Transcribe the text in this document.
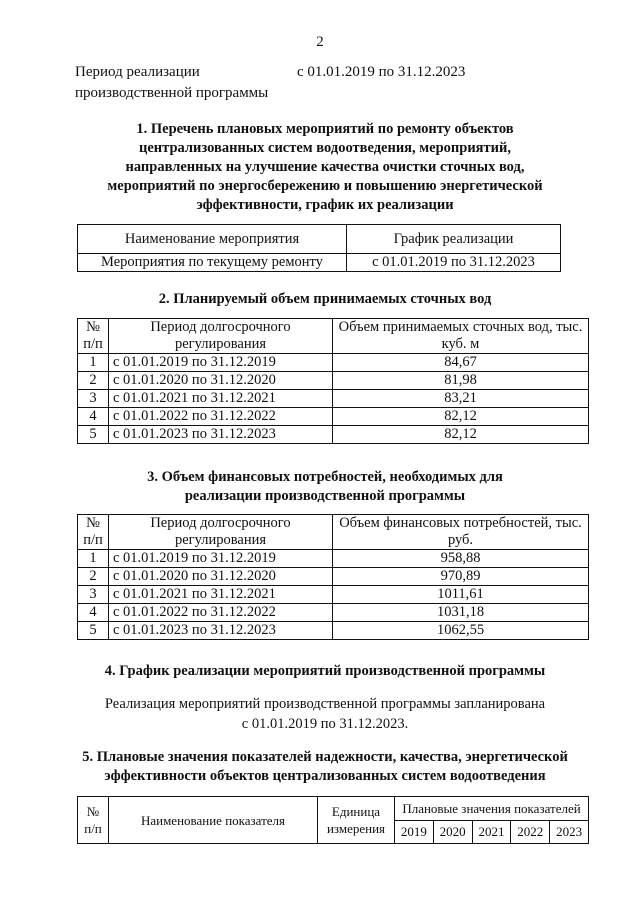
2
Период реализации
производственной программы
с 01.01.2019 по 31.12.2023
1. Перечень плановых мероприятий по ремонту объектов
централизованных систем водоотведения, мероприятий,
направленных на улучшение качества очистки сточных вод,
мероприятий по энергосбережению и повышению энергетической
эффективности, график их реализации
Наименование мероприятия	График реализации
Мероприятия по текущему ремонту	с 01.01.2019 по 31.12.2023
2. Планируемый объем принимаемых сточных вод
№ п/п	Период долгосрочного регулирования	Объем принимаемых сточных вод, тыс. куб. м
1	с 01.01.2019 по 31.12.2019	84,67
2	с 01.01.2020 по 31.12.2020	81,98
3	с 01.01.2021 по 31.12.2021	83,21
4	с 01.01.2022 по 31.12.2022	82,12
5	с 01.01.2023 по 31.12.2023	82,12
3. Объем финансовых потребностей, необходимых для
реализации производственной программы
№ п/п	Период долгосрочного регулирования	Объем финансовых потребностей, тыс. руб.
1	с 01.01.2019 по 31.12.2019	958,88
2	с 01.01.2020 по 31.12.2020	970,89
3	с 01.01.2021 по 31.12.2021	1011,61
4	с 01.01.2022 по 31.12.2022	1031,18
5	с 01.01.2023 по 31.12.2023	1062,55
4. График реализации мероприятий производственной программы
Реализация мероприятий производственной программы запланирована
с 01.01.2019 по 31.12.2023.
5. Плановые значения показателей надежности, качества, энергетической
эффективности объектов централизованных систем водоотведения
№ п/п	Наименование показателя	Единица измерения	Плановые значения показателей				
			2019	2020	2021	2022	2023
